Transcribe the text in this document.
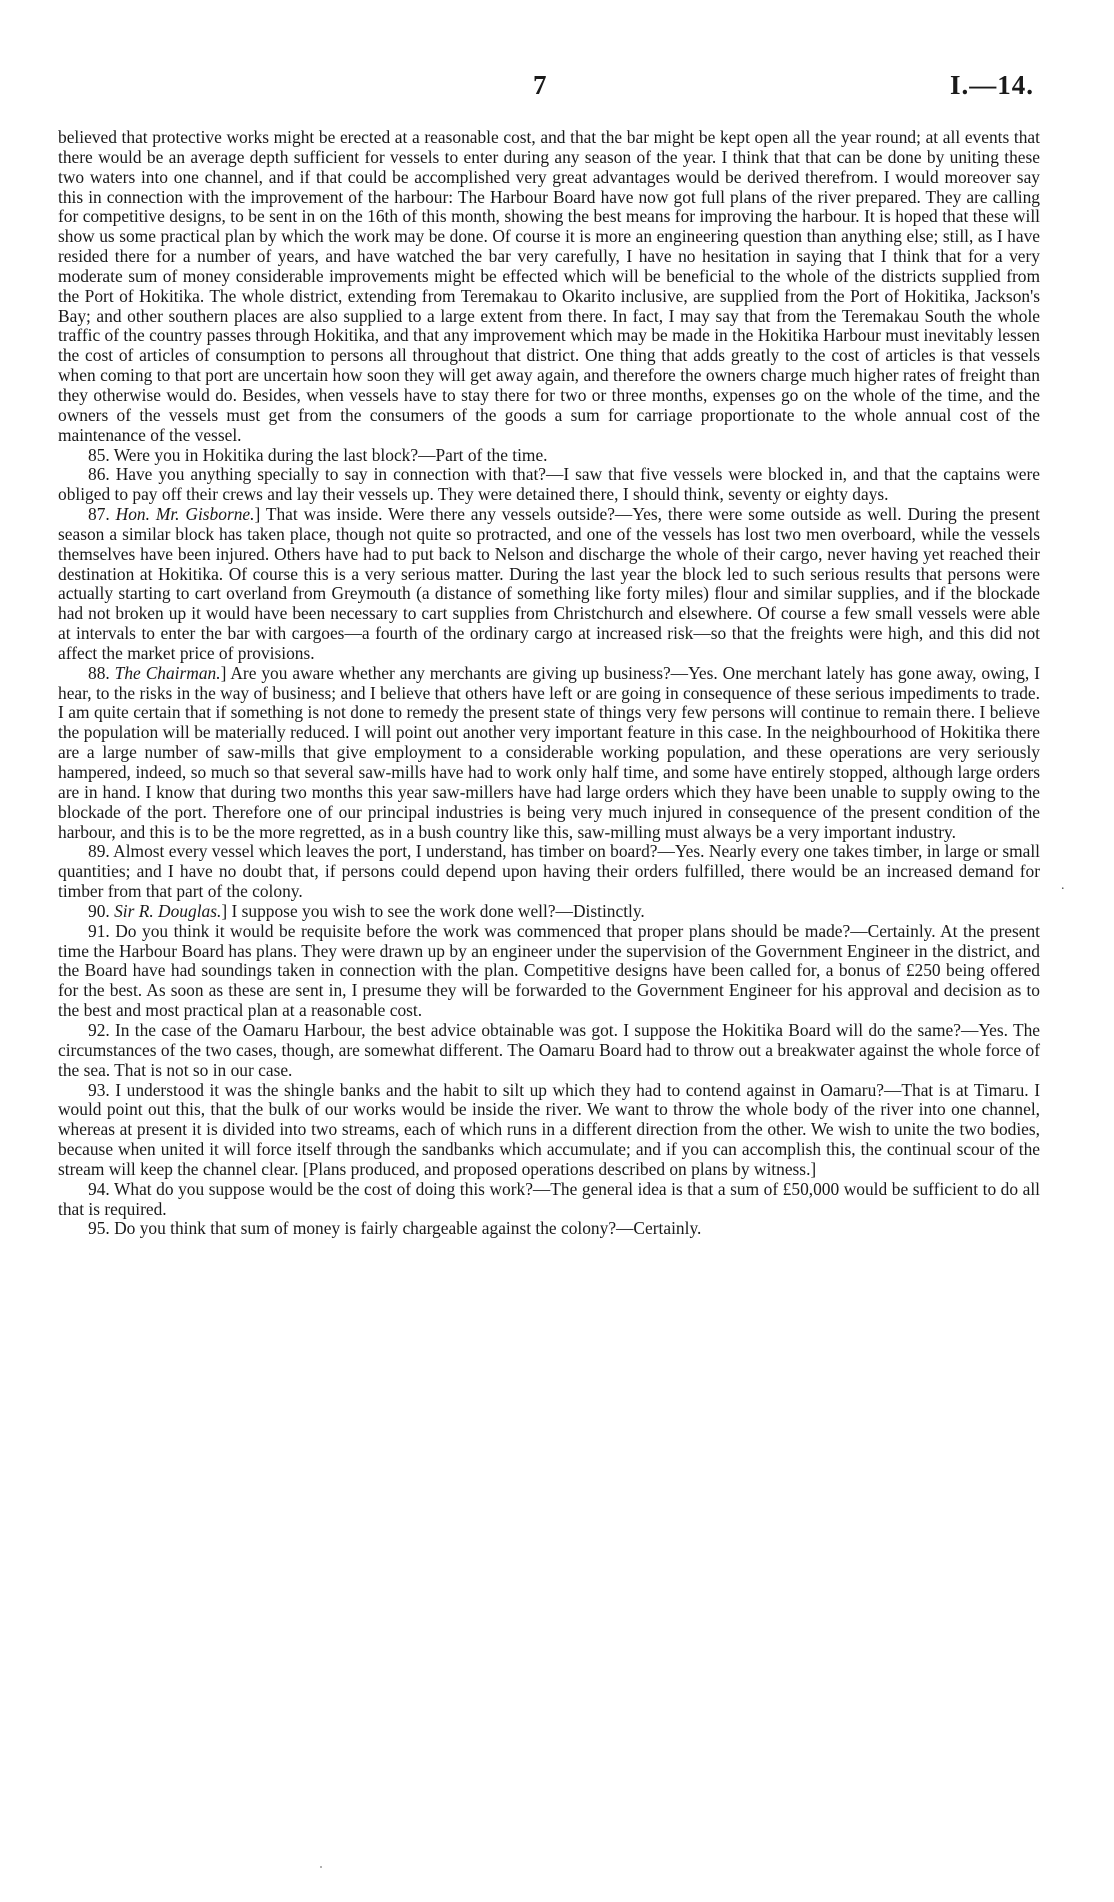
7	I.—14.

believed that protective works might be erected at a reasonable cost, and that the bar might be kept open all the year round; at all events that there would be an average depth sufficient for vessels to enter during any season of the year. I think that that can be done by uniting these two waters into one channel, and if that could be accomplished very great advantages would be derived therefrom. I would moreover say this in connection with the improvement of the harbour: The Harbour Board have now got full plans of the river prepared. They are calling for competitive designs, to be sent in on the 16th of this month, showing the best means for improving the harbour. It is hoped that these will show us some practical plan by which the work may be done. Of course it is more an engineering question than anything else; still, as I have resided there for a number of years, and have watched the bar very carefully, I have no hesitation in saying that I think that for a very moderate sum of money considerable improvements might be effected which will be beneficial to the whole of the districts supplied from the Port of Hokitika. The whole district, extending from Teremakau to Okarito inclusive, are supplied from the Port of Hokitika, Jackson's Bay; and other southern places are also supplied to a large extent from there. In fact, I may say that from the Teremakau South the whole traffic of the country passes through Hokitika, and that any improvement which may be made in the Hokitika Harbour must inevitably lessen the cost of articles of consumption to persons all throughout that district. One thing that adds greatly to the cost of articles is that vessels when coming to that port are uncertain how soon they will get away again, and therefore the owners charge much higher rates of freight than they otherwise would do. Besides, when vessels have to stay there for two or three months, expenses go on the whole of the time, and the owners of the vessels must get from the consumers of the goods a sum for carriage proportionate to the whole annual cost of the maintenance of the vessel.

85. Were you in Hokitika during the last block?—Part of the time.

86. Have you anything specially to say in connection with that?—I saw that five vessels were blocked in, and that the captains were obliged to pay off their crews and lay their vessels up. They were detained there, I should think, seventy or eighty days.

87. Hon. Mr. Gisborne.] That was inside. Were there any vessels outside?—Yes, there were some outside as well. During the present season a similar block has taken place, though not quite so protracted, and one of the vessels has lost two men overboard, while the vessels themselves have been injured. Others have had to put back to Nelson and discharge the whole of their cargo, never having yet reached their destination at Hokitika. Of course this is a very serious matter. During the last year the block led to such serious results that persons were actually starting to cart overland from Greymouth (a distance of something like forty miles) flour and similar supplies, and if the blockade had not broken up it would have been necessary to cart supplies from Christchurch and elsewhere. Of course a few small vessels were able at intervals to enter the bar with cargoes—a fourth of the ordinary cargo at increased risk—so that the freights were high, and this did not affect the market price of provisions.

88. The Chairman.] Are you aware whether any merchants are giving up business?—Yes. One merchant lately has gone away, owing, I hear, to the risks in the way of business; and I believe that others have left or are going in consequence of these serious impediments to trade. I am quite certain that if something is not done to remedy the present state of things very few persons will continue to remain there. I believe the population will be materially reduced. I will point out another very important feature in this case. In the neighbourhood of Hokitika there are a large number of saw-mills that give employment to a considerable working population, and these operations are very seriously hampered, indeed, so much so that several saw-mills have had to work only half time, and some have entirely stopped, although large orders are in hand. I know that during two months this year saw-millers have had large orders which they have been unable to supply owing to the blockade of the port. Therefore one of our principal industries is being very much injured in consequence of the present condition of the harbour, and this is to be the more regretted, as in a bush country like this, saw-milling must always be a very important industry.

89. Almost every vessel which leaves the port, I understand, has timber on board?—Yes. Nearly every one takes timber, in large or small quantities; and I have no doubt that, if persons could depend upon having their orders fulfilled, there would be an increased demand for timber from that part of the colony.

90. Sir R. Douglas.] I suppose you wish to see the work done well?—Distinctly.

91. Do you think it would be requisite before the work was commenced that proper plans should be made?—Certainly. At the present time the Harbour Board has plans. They were drawn up by an engineer under the supervision of the Government Engineer in the district, and the Board have had soundings taken in connection with the plan. Competitive designs have been called for, a bonus of £250 being offered for the best. As soon as these are sent in, I presume they will be forwarded to the Government Engineer for his approval and decision as to the best and most practical plan at a reasonable cost.

92. In the case of the Oamaru Harbour, the best advice obtainable was got. I suppose the Hokitika Board will do the same?—Yes. The circumstances of the two cases, though, are somewhat different. The Oamaru Board had to throw out a breakwater against the whole force of the sea. That is not so in our case.

93. I understood it was the shingle banks and the habit to silt up which they had to contend against in Oamaru?—That is at Timaru. I would point out this, that the bulk of our works would be inside the river. We want to throw the whole body of the river into one channel, whereas at present it is divided into two streams, each of which runs in a different direction from the other. We wish to unite the two bodies, because when united it will force itself through the sandbanks which accumulate; and if you can accomplish this, the continual scour of the stream will keep the channel clear. [Plans produced, and proposed operations described on plans by witness.]

94. What do you suppose would be the cost of doing this work?—The general idea is that a sum of £50,000 would be sufficient to do all that is required.

95. Do you think that sum of money is fairly chargeable against the colony?—Certainly.

.
